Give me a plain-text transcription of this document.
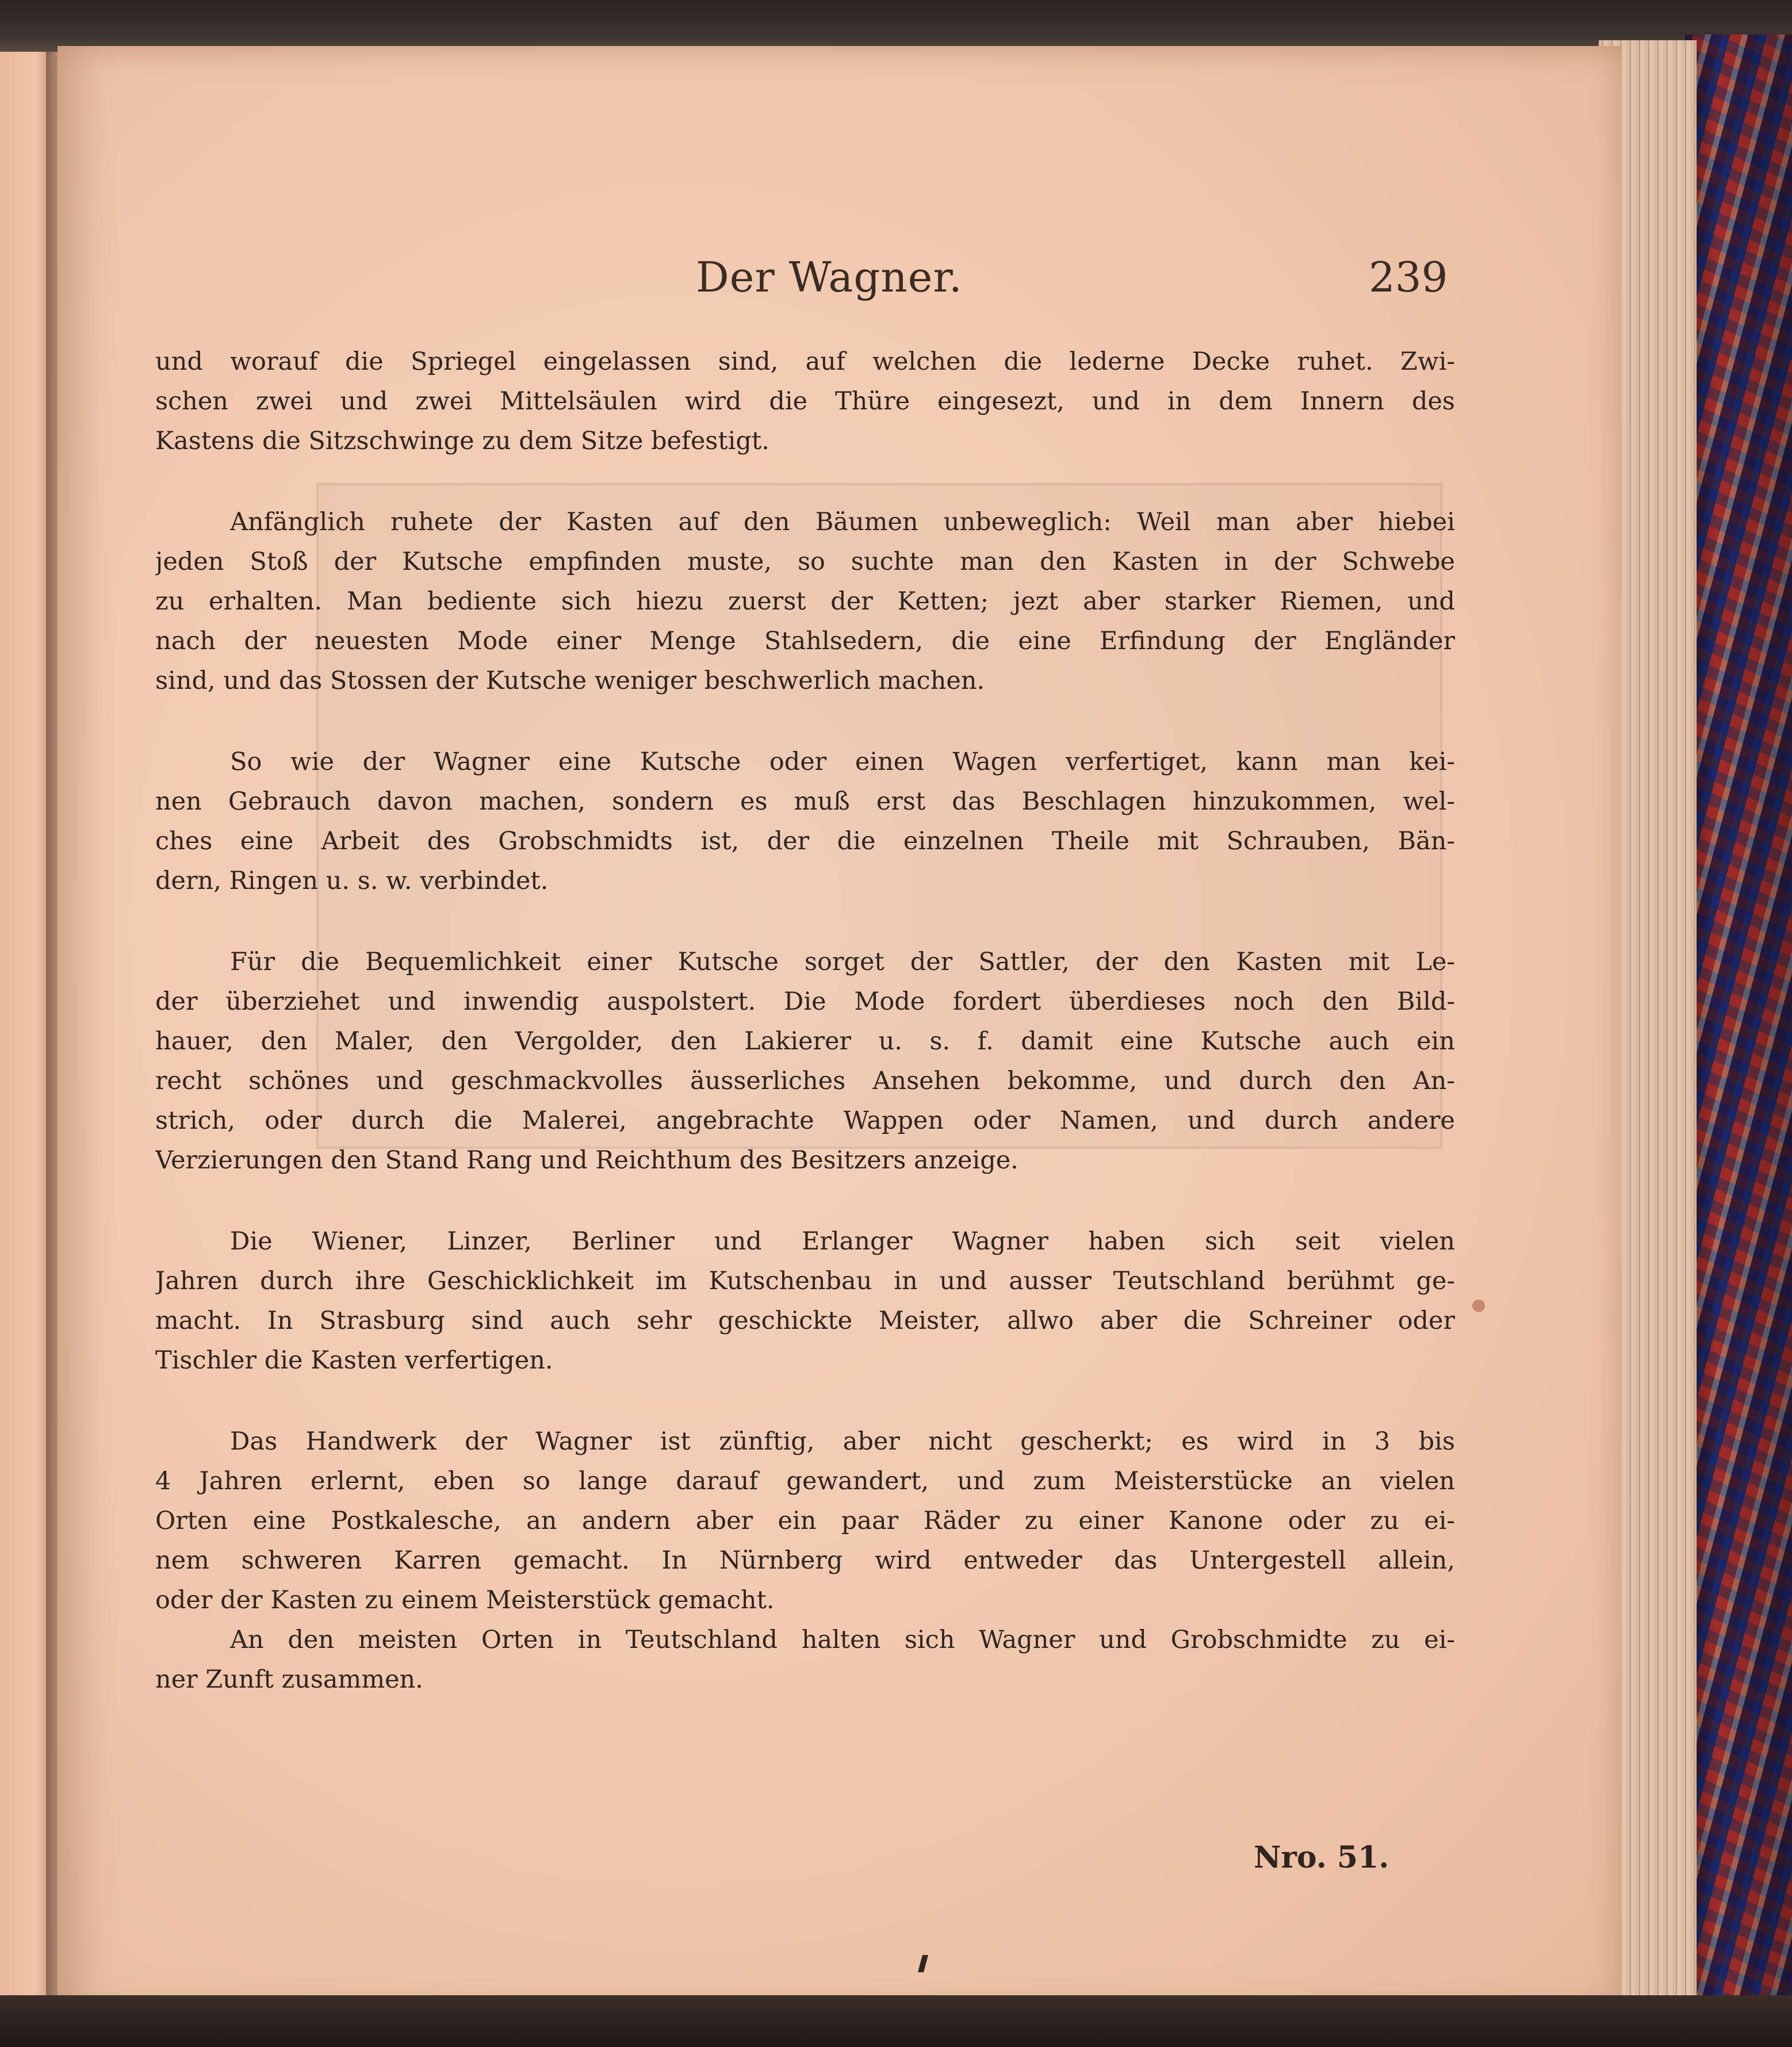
Der Wagner.	239
und worauf die Spriegel eingelassen sind, auf welchen die lederne Decke ruhet. Zwi-
schen zwei und zwei Mittelsäulen wird die Thüre eingesezt, und in dem Innern des
Kastens die Sitzschwinge zu dem Sitze befestigt.
Anfänglich ruhete der Kasten auf den Bäumen unbeweglich: Weil man aber hiebei
jeden Stoß der Kutsche empfinden muste, so suchte man den Kasten in der Schwebe
zu erhalten. Man bediente sich hiezu zuerst der Ketten; jezt aber starker Riemen, und
nach der neuesten Mode einer Menge Stahlsedern, die eine Erfindung der Engländer
sind, und das Stossen der Kutsche weniger beschwerlich machen.
So wie der Wagner eine Kutsche oder einen Wagen verfertiget, kann man kei-
nen Gebrauch davon machen, sondern es muß erst das Beschlagen hinzukommen, wel-
ches eine Arbeit des Grobschmidts ist, der die einzelnen Theile mit Schrauben, Bän-
dern, Ringen u. s. w. verbindet.
Für die Bequemlichkeit einer Kutsche sorget der Sattler, der den Kasten mit Le-
der überziehet und inwendig auspolstert. Die Mode fordert überdieses noch den Bild-
hauer, den Maler, den Vergolder, den Lakierer u. s. f. damit eine Kutsche auch ein
recht schönes und geschmackvolles äusserliches Ansehen bekomme, und durch den An-
strich, oder durch die Malerei, angebrachte Wappen oder Namen, und durch andere
Verzierungen den Stand Rang und Reichthum des Besitzers anzeige.
Die Wiener, Linzer, Berliner und Erlanger Wagner haben sich seit vielen
Jahren durch ihre Geschicklichkeit im Kutschenbau in und ausser Teutschland berühmt ge-
macht. In Strasburg sind auch sehr geschickte Meister, allwo aber die Schreiner oder
Tischler die Kasten verfertigen.
Das Handwerk der Wagner ist zünftig, aber nicht gescherkt; es wird in 3 bis
4 Jahren erlernt, eben so lange darauf gewandert, und zum Meisterstücke an vielen
Orten eine Postkalesche, an andern aber ein paar Räder zu einer Kanone oder zu ei-
nem schweren Karren gemacht. In Nürnberg wird entweder das Untergestell allein,
oder der Kasten zu einem Meisterstück gemacht.
An den meisten Orten in Teutschland halten sich Wagner und Grobschmidte zu ei-
ner Zunft zusammen.
Nro. 51.
